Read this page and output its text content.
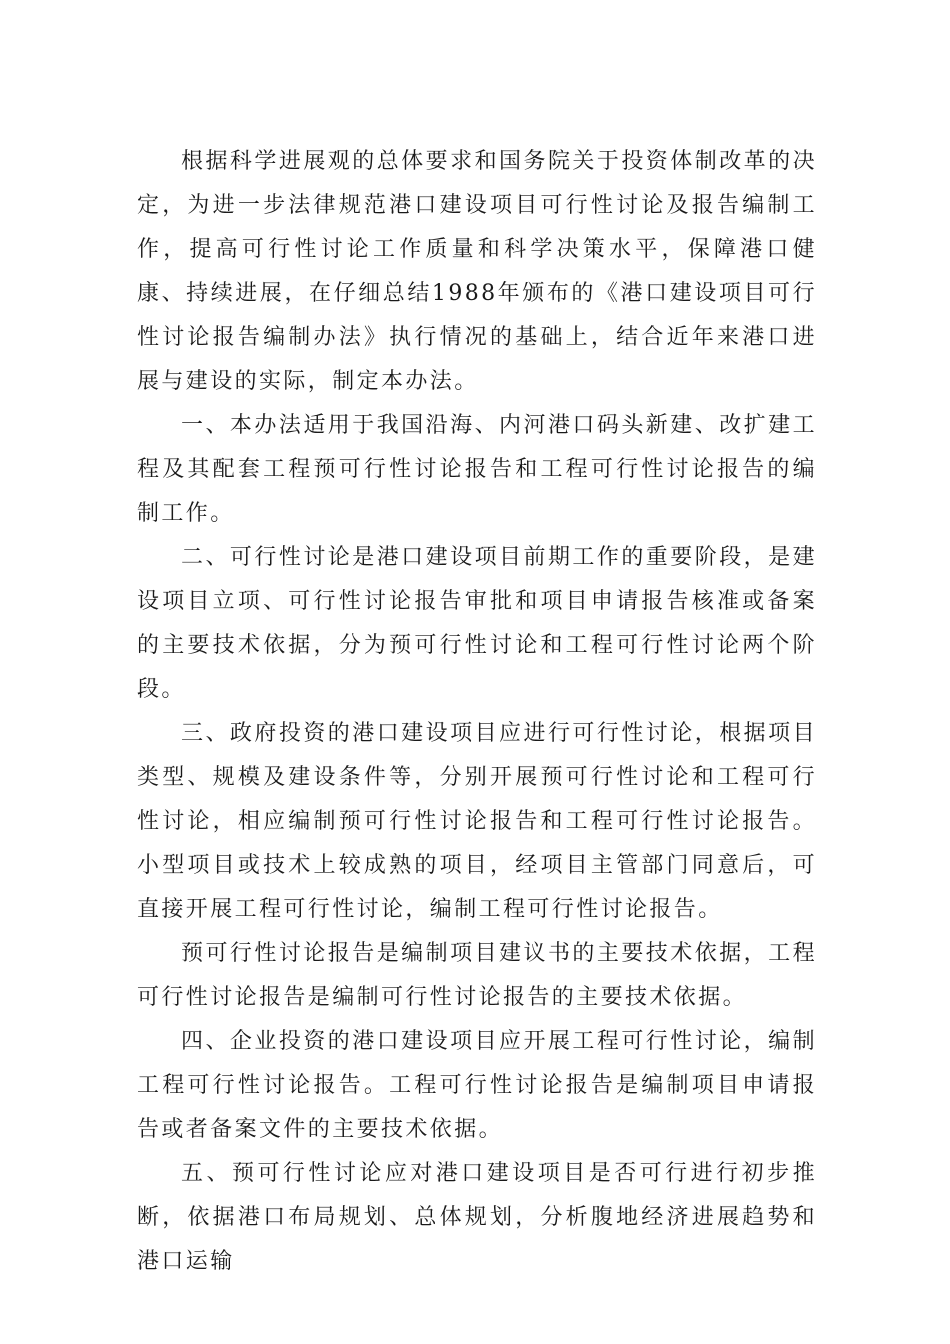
根据科学进展观的总体要求和国务院关于投资体制改革的决定，为进一步法律规范港口建设项目可行性讨论及报告编制工作，提高可行性讨论工作质量和科学决策水平，保障港口健康、持续进展，在仔细总结1988年颁布的《港口建设项目可行性讨论报告编制办法》执行情况的基础上，结合近年来港口进展与建设的实际，制定本办法。

一、本办法适用于我国沿海、内河港口码头新建、改扩建工程及其配套工程预可行性讨论报告和工程可行性讨论报告的编制工作。

二、可行性讨论是港口建设项目前期工作的重要阶段，是建设项目立项、可行性讨论报告审批和项目申请报告核准或备案的主要技术依据，分为预可行性讨论和工程可行性讨论两个阶段。

三、政府投资的港口建设项目应进行可行性讨论，根据项目类型、规模及建设条件等，分别开展预可行性讨论和工程可行性讨论，相应编制预可行性讨论报告和工程可行性讨论报告。小型项目或技术上较成熟的项目，经项目主管部门同意后，可直接开展工程可行性讨论，编制工程可行性讨论报告。

预可行性讨论报告是编制项目建议书的主要技术依据，工程可行性讨论报告是编制可行性讨论报告的主要技术依据。

四、企业投资的港口建设项目应开展工程可行性讨论，编制工程可行性讨论报告。工程可行性讨论报告是编制项目申请报告或者备案文件的主要技术依据。

五、预可行性讨论应对港口建设项目是否可行进行初步推断，依据港口布局规划、总体规划，分析腹地经济进展趋势和港口运输
